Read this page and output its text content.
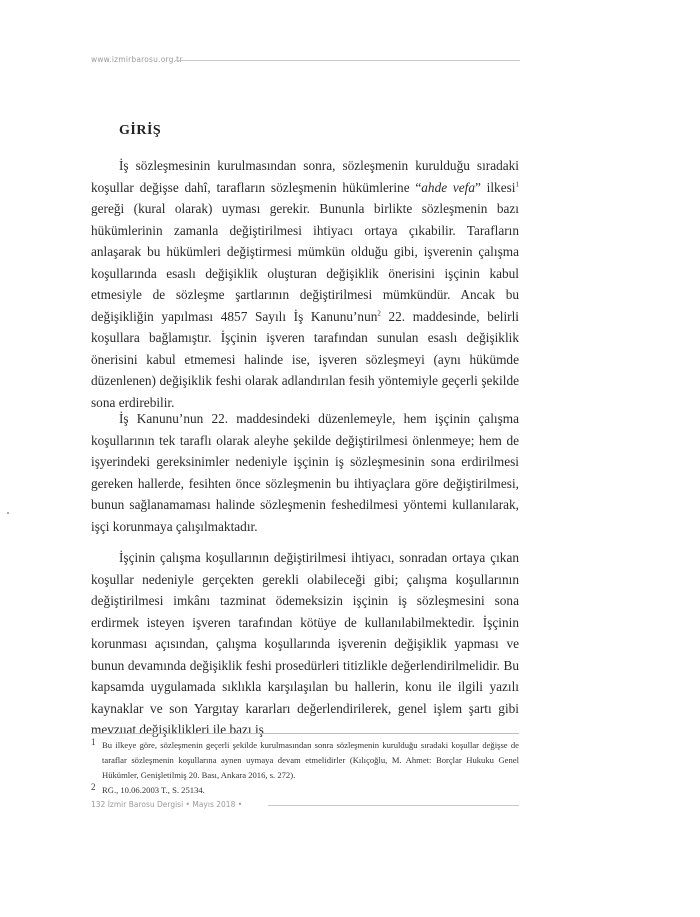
www.izmirbarosu.org.tr
GİRİŞ

İş sözleşmesinin kurulmasından sonra, sözleşmenin kurulduğu sıradaki koşullar değişse dahî, tarafların sözleşmenin hükümlerine “ahde vefa” ilkesi$^1$ gereği (kural olarak) uyması gerekir. Bununla birlikte sözleşmenin bazı hükümlerinin zamanla değiştirilmesi ihtiyacı ortaya çıkabilir. Tarafların anlaşarak bu hükümleri değiştirmesi mümkün olduğu gibi, işverenin çalışma koşullarında esaslı değişiklik oluşturan değişiklik önerisini işçinin kabul etmesiyle de sözleşme şartlarının değiştirilmesi mümkündür. Ancak bu değişikliğin yapılması 4857 Sayılı İş Kanunu’nun$^2$ 22. maddesinde, belirli koşullara bağlamıştır. İşçinin işveren tarafından sunulan esaslı değişiklik önerisini kabul etmemesi halinde ise, işveren sözleşmeyi (aynı hükümde düzenlenen) değişiklik feshi olarak adlandırılan fesih yöntemiyle geçerli şekilde sona erdirebilir.

İş Kanunu’nun 22. maddesindeki düzenlemeyle, hem işçinin çalışma koşullarının tek taraflı olarak aleyhe şekilde değiştirilmesi önlenmeye; hem de işyerindeki gereksinimler nedeniyle işçinin iş sözleşmesinin sona erdirilmesi gereken hallerde, fesihten önce sözleşmenin bu ihtiyaçlara göre değiştirilmesi, bunun sağlanamaması halinde sözleşmenin feshedilmesi yöntemi kullanılarak, işçi korunmaya çalışılmaktadır.

İşçinin çalışma koşullarının değiştirilmesi ihtiyacı, sonradan ortaya çıkan koşullar nedeniyle gerçekten gerekli olabileceği gibi; çalışma koşullarının değiştirilmesi imkânı tazminat ödemeksizin işçinin iş sözleşmesini sona erdirmek isteyen işveren tarafından kötüye de kullanılabilmektedir. İşçinin korunması açısından, çalışma koşullarında işverenin değişiklik yapması ve bunun devamında değişiklik feshi prosedürleri titizlikle değerlendirilmelidir. Bu kapsamda uygulamada sıklıkla karşılaşılan bu hallerin, konu ile ilgili yazılı kaynaklar ve son Yargıtay kararları değerlendirilerek, genel işlem şartı gibi mevzuat değişiklikleri ile bazı iş

1 Bu ilkeye göre, sözleşmenin geçerli şekilde kurulmasından sonra sözleşmenin kurulduğu sıradaki koşullar değişse de taraflar sözleşmenin koşullarına aynen uymaya devam etmelidirler (Kılıçoğlu, M. Ahmet: Borçlar Hukuku Genel Hükümler, Genişletilmiş 20. Bası, Ankara 2016, s. 272).
2 RG., 10.06.2003 T., S. 25134.
132 İzmir Barosu Dergisi • Mayıs 2018 •
